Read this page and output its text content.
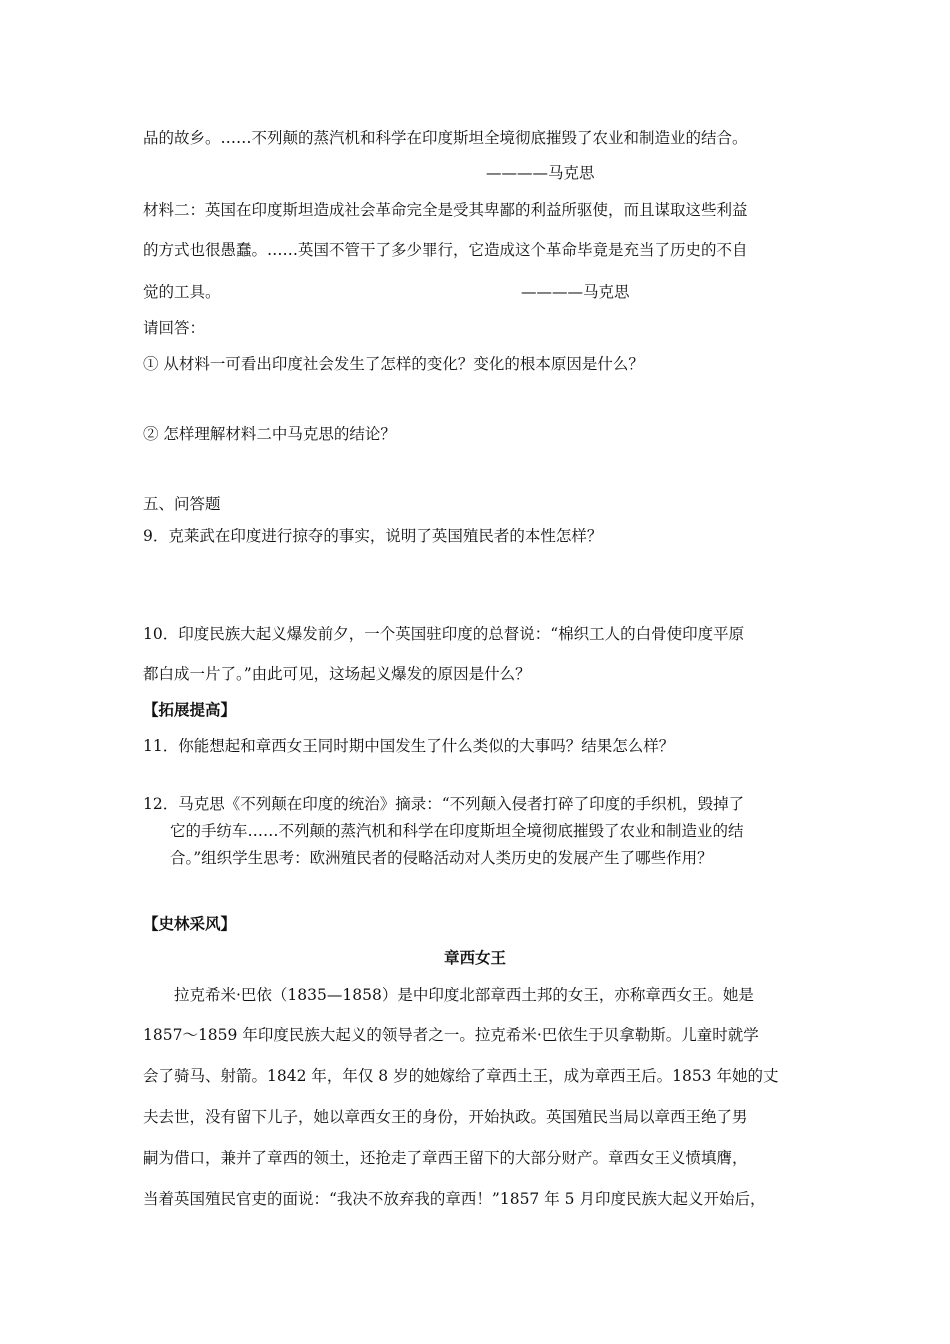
品的故乡。……不列颠的蒸汽机和科学在印度斯坦全境彻底摧毁了农业和制造业的结合。
————马克思
材料二：英国在印度斯坦造成社会革命完全是受其卑鄙的利益所驱使，而且谋取这些利益
的方式也很愚蠢。……英国不管干了多少罪行，它造成这个革命毕竟是充当了历史的不自
觉的工具。	————马克思
请回答：
① 从材料一可看出印度社会发生了怎样的变化？变化的根本原因是什么？
② 怎样理解材料二中马克思的结论？
五、问答题
9．克莱武在印度进行掠夺的事实，说明了英国殖民者的本性怎样？
10．印度民族大起义爆发前夕，一个英国驻印度的总督说：“棉织工人的白骨使印度平原
都白成一片了。”由此可见，这场起义爆发的原因是什么？
【拓展提高】
11．你能想起和章西女王同时期中国发生了什么类似的大事吗？结果怎么样？
12．马克思《不列颠在印度的统治》摘录：“不列颠入侵者打碎了印度的手织机，毁掉了
它的手纺车……不列颠的蒸汽机和科学在印度斯坦全境彻底摧毁了农业和制造业的结
合。”组织学生思考：欧洲殖民者的侵略活动对人类历史的发展产生了哪些作用？
【史林采风】
章西女王
拉克希米·巴依（1835—1858）是中印度北部章西土邦的女王，亦称章西女王。她是
1857～1859 年印度民族大起义的领导者之一。拉克希米·巴依生于贝拿勒斯。儿童时就学
会了骑马、射箭。1842 年，年仅 8 岁的她嫁给了章西土王，成为章西王后。1853 年她的丈
夫去世，没有留下儿子，她以章西女王的身份，开始执政。英国殖民当局以章西王绝了男
嗣为借口，兼并了章西的领土，还抢走了章西王留下的大部分财产。章西女王义愤填膺，
当着英国殖民官吏的面说：“我决不放弃我的章西！”1857 年 5 月印度民族大起义开始后，
